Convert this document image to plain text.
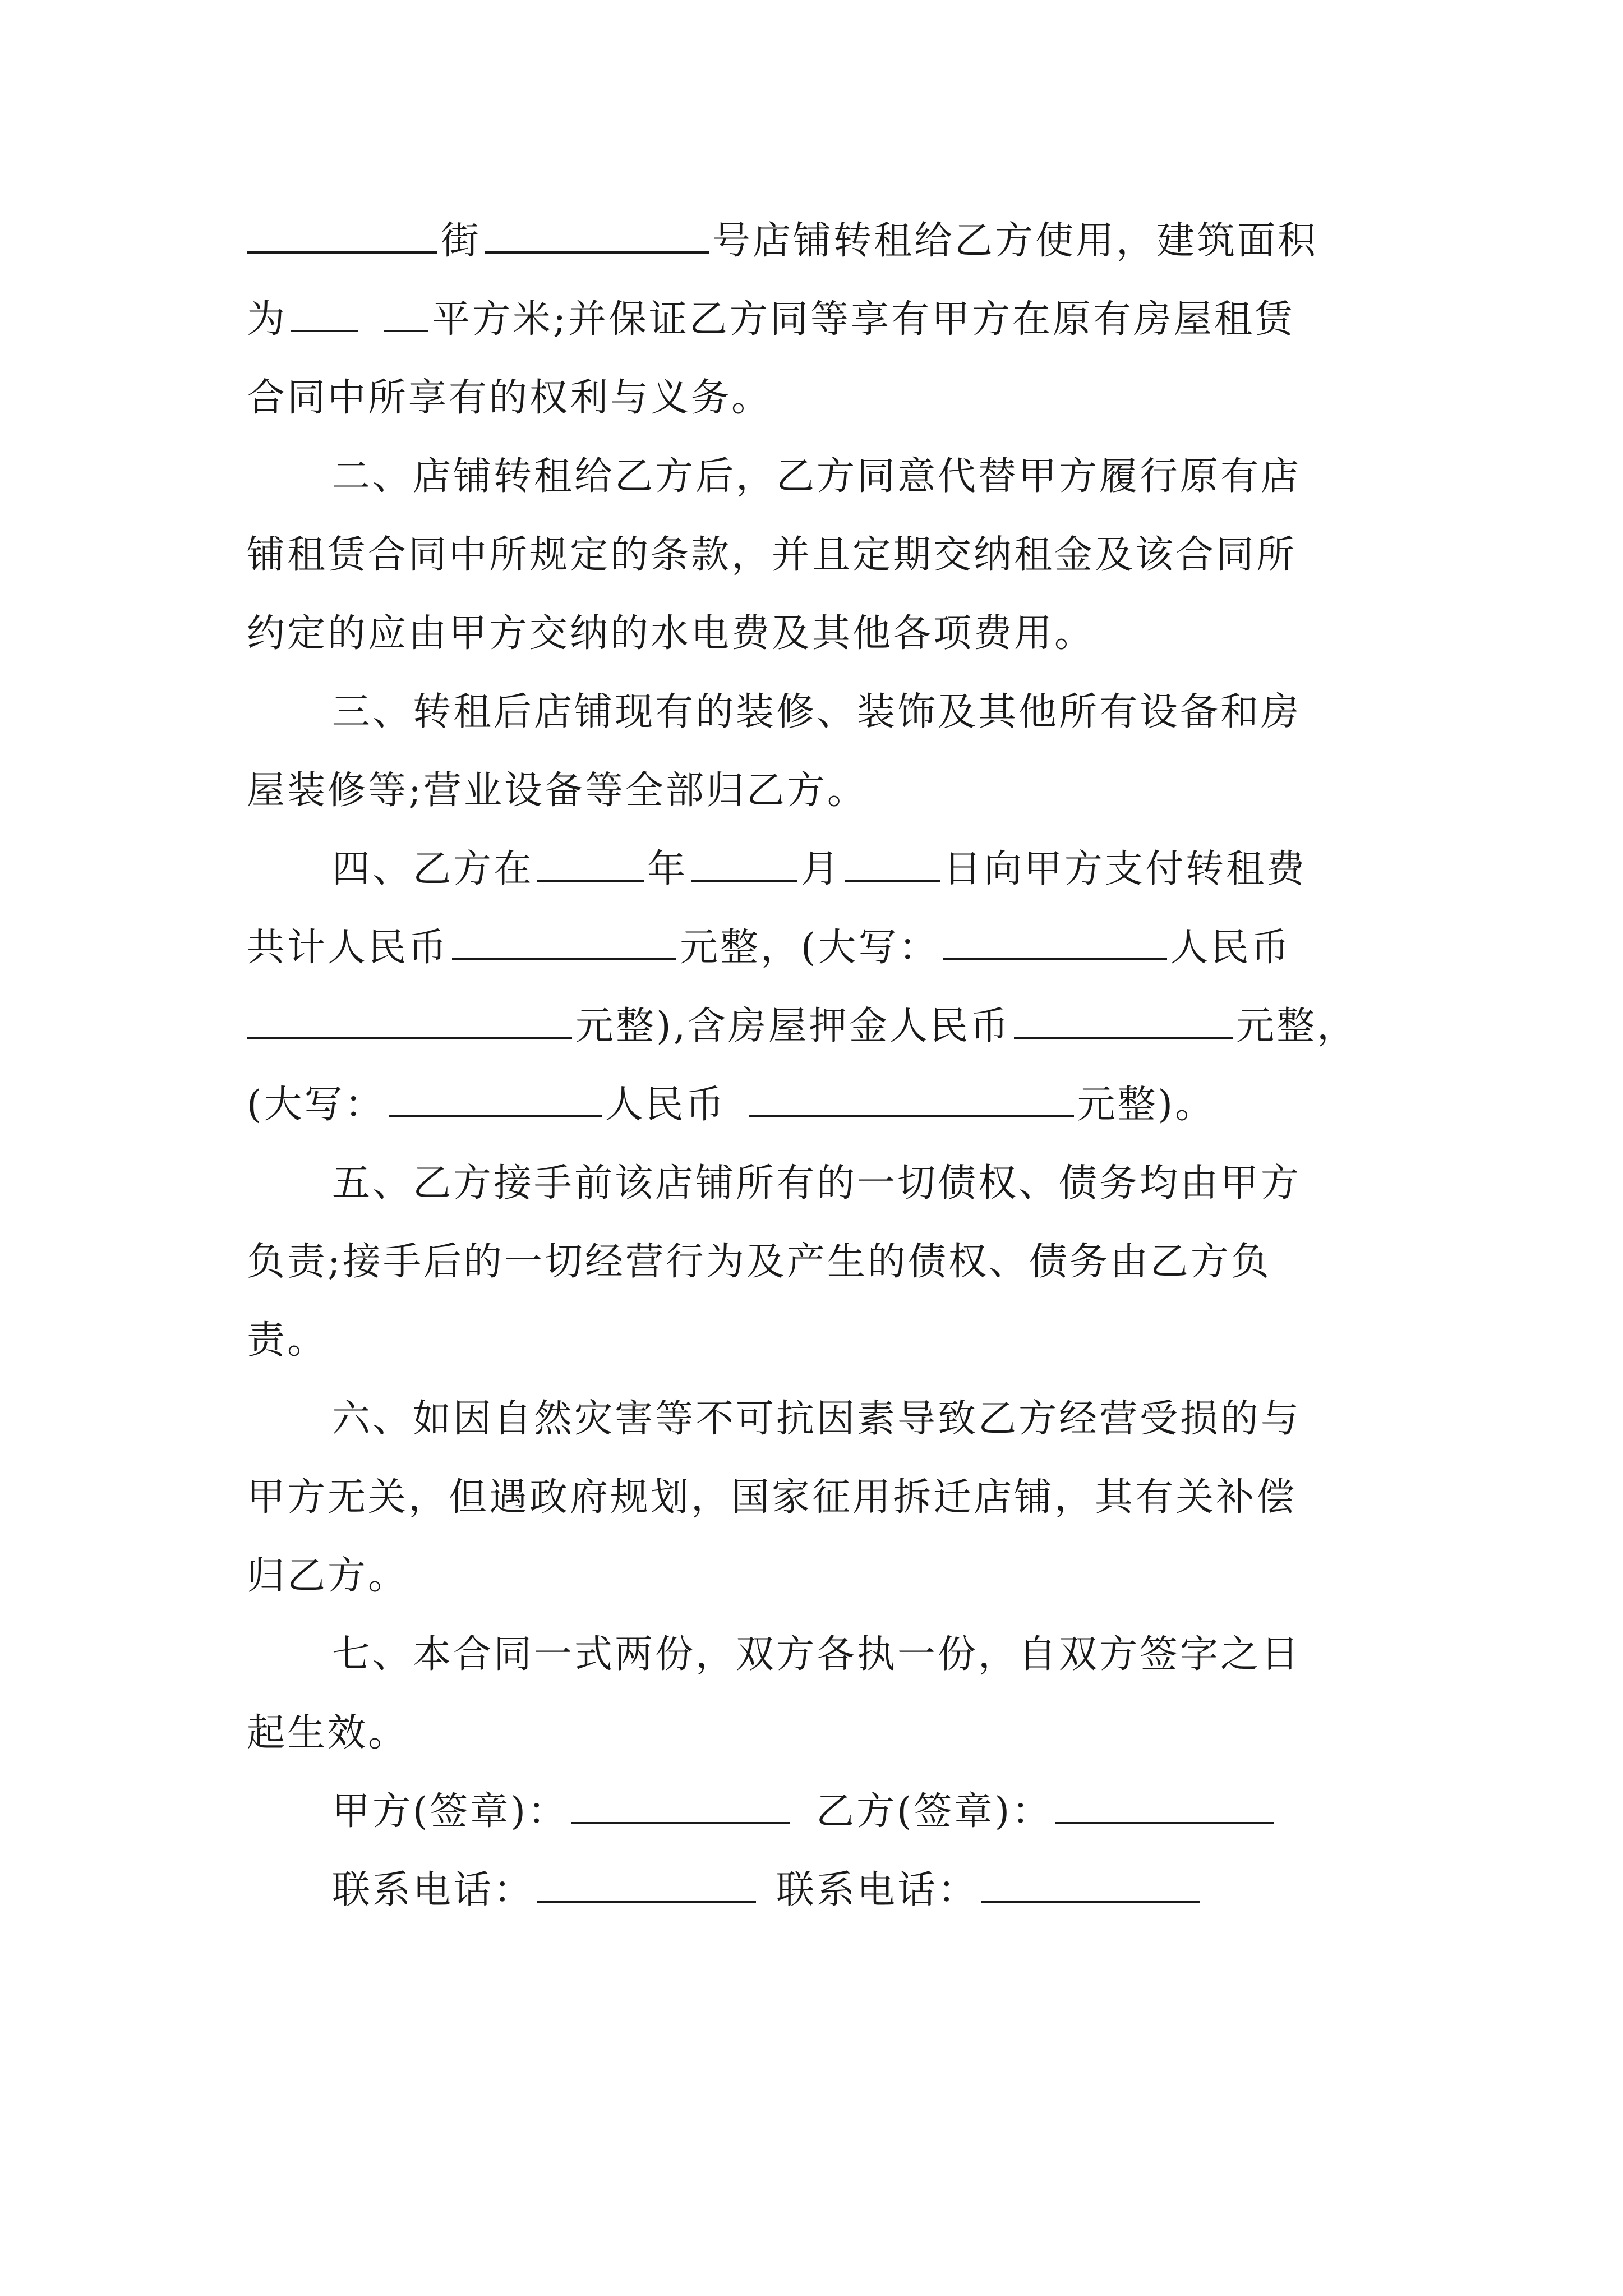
街	号店铺转租给乙方使用，建筑面积
为	平方米;并保证乙方同等享有甲方在原有房屋租赁
合同中所享有的权利与义务。
二、店铺转租给乙方后，乙方同意代替甲方履行原有店
铺租赁合同中所规定的条款，并且定期交纳租金及该合同所
约定的应由甲方交纳的水电费及其他各项费用。
三、转租后店铺现有的装修、装饰及其他所有设备和房
屋装修等;营业设备等全部归乙方。
四、乙方在	年	月	日向甲方支付转租费
共计人民币	元整，(大写：	人民币
元整),含房屋押金人民币	元整，
(大写：	人民币	元整)。
五、乙方接手前该店铺所有的一切债权、债务均由甲方
负责;接手后的一切经营行为及产生的债权、债务由乙方负
责。
六、如因自然灾害等不可抗因素导致乙方经营受损的与
甲方无关，但遇政府规划，国家征用拆迁店铺，其有关补偿
归乙方。
七、本合同一式两份，双方各执一份，自双方签字之日
起生效。
甲方(签章)：	乙方(签章)：
联系电话：	联系电话：
